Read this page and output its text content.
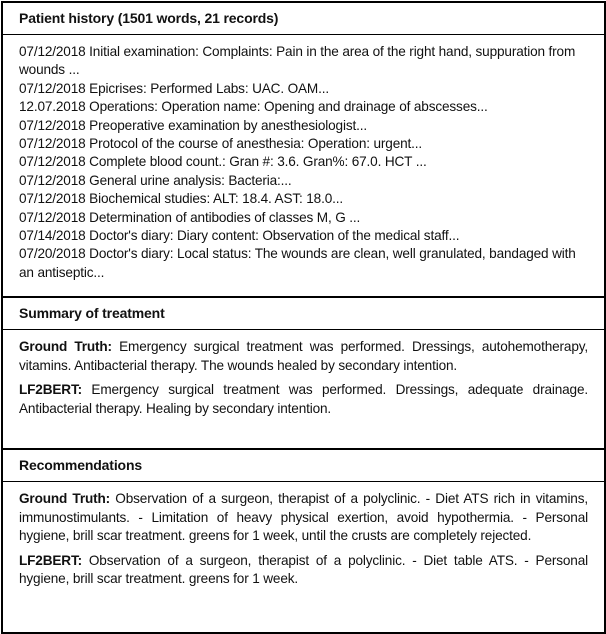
Patient history (1501 words, 21 records)
07/12/2018 Initial examination: Complaints: Pain in the area of the right hand, suppuration from wounds ...
07/12/2018 Epicrises: Performed Labs: UAC. OAM...
12.07.2018 Operations: Operation name: Opening and drainage of abscesses...
07/12/2018 Preoperative examination by anesthesiologist...
07/12/2018 Protocol of the course of anesthesia: Operation: urgent...
07/12/2018 Complete blood count.: Gran #: 3.6. Gran%: 67.0. HCT ...
07/12/2018 General urine analysis: Bacteria:...
07/12/2018 Biochemical studies: ALT: 18.4. AST: 18.0...
07/12/2018 Determination of antibodies of classes M, G ...
07/14/2018 Doctor's diary: Diary content: Observation of the medical staff...
07/20/2018 Doctor's diary: Local status: The wounds are clean, well granulated, bandaged with an antiseptic...
Summary of treatment

Ground Truth: Emergency surgical treatment was performed. Dressings, autohemotherapy, vitamins. Antibacterial therapy. The wounds healed by secondary intention.

LF2BERT: Emergency surgical treatment was performed. Dressings, adequate drainage. Antibacterial therapy. Healing by secondary intention.

Recommendations

Ground Truth: Observation of a surgeon, therapist of a polyclinic. - Diet ATS rich in vitamins, immunostimulants. - Limitation of heavy physical exertion, avoid hypothermia. - Personal hygiene, brill scar treatment. greens for 1 week, until the crusts are completely rejected.

LF2BERT: Observation of a surgeon, therapist of a polyclinic. - Diet table ATS. - Personal hygiene, brill scar treatment. greens for 1 week.
